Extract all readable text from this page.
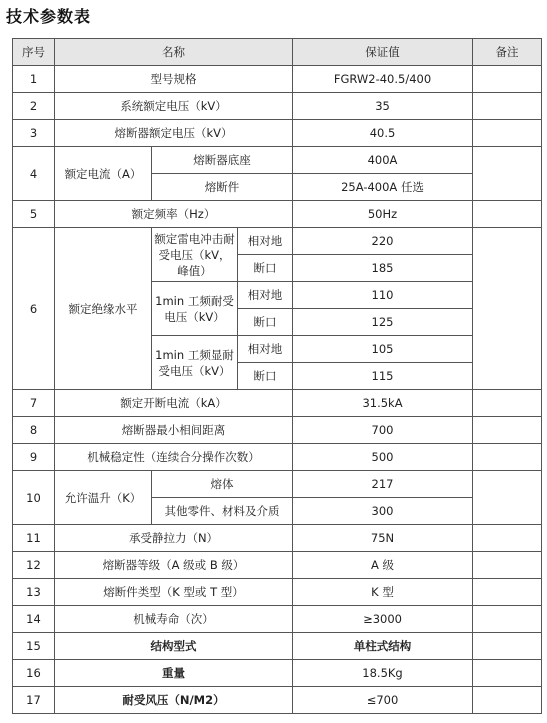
技术参数表
序号	名称			保证值	备注
1	型号规格			FGRW2-40.5/400	
2	系统额定电压（kV）			35	
3	熔断器额定电压（kV）			40.5	
4	额定电流（A）	熔断器底座		400A	
		熔断件		25A-400A 任选	
5	额定频率（Hz）			50Hz	
6	额定绝缘水平	额定雷电冲击耐受电压（kV，峰值）	相对地	220	
			断口	185	
		1min 工频耐受电压（kV）	相对地	110	
			断口	125	
		1min 工频显耐受电压（kV）	相对地	105	
			断口	115	
7	额定开断电流（kA）			31.5kA	
8	熔断器最小相间距离			700	
9	机械稳定性（连续合分操作次数）			500	
10	允许温升（K）	熔体		217	
		其他零件、材料及介质		300	
11	承受静拉力（N）			75N	
12	熔断器等级（A 级或 B 级）			A 级	
13	熔断件类型（K 型或 T 型）			K 型	
14	机械寿命（次）			≥3000	
15	结构型式			单柱式结构	
16	重量			18.5Kg	
17	耐受风压（N/M2）			≤700	
